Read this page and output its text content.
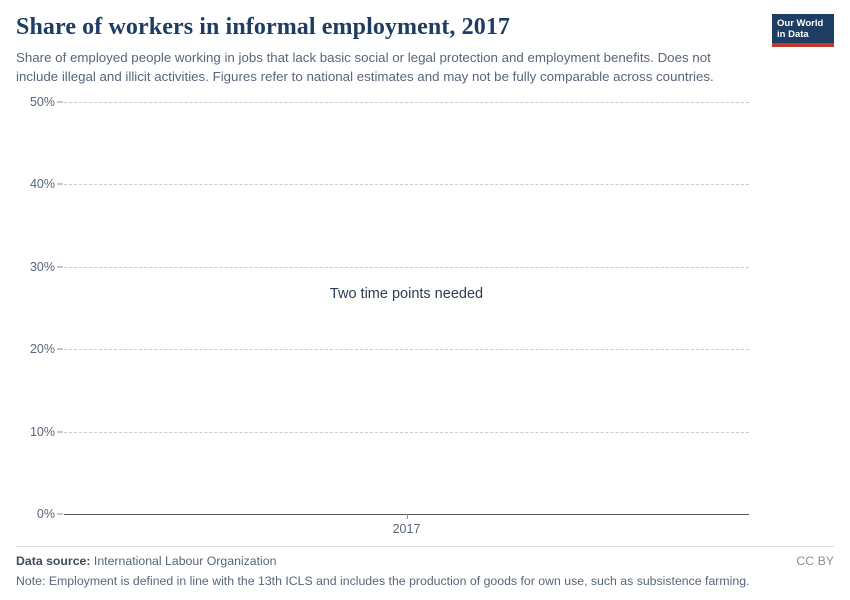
Share of workers in informal employment, 2017

Share of employed people working in jobs that lack basic social or legal protection and employment benefits. Does not include illegal and illicit activities. Figures refer to national estimates and may not be fully comparable across countries.

Our World
in Data
50%
40%
30%
20%
10%
0%
2017
Two time points needed
Data source: International Labour Organization	CC BY
Note: Employment is defined in line with the 13th ICLS and includes the production of goods for own use, such as subsistence farming.
